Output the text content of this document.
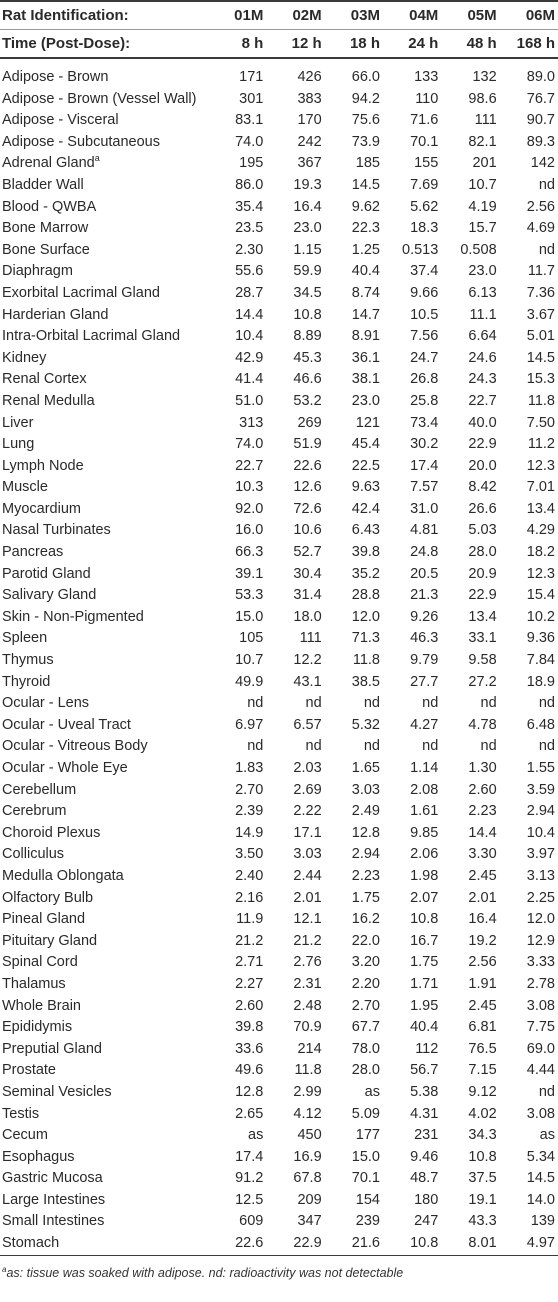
Rat Identification:	01M	02M	03M	04M	05M	06M
Time (Post-Dose):	8 h	12 h	18 h	24 h	48 h	168 h

Adipose - Brown	171	426	66.0	133	132	89.0
Adipose - Brown (Vessel Wall)	301	383	94.2	110	98.6	76.7
Adipose - Visceral	83.1	170	75.6	71.6	111	90.7
Adipose - Subcutaneous	74.0	242	73.9	70.1	82.1	89.3
Adrenal Gland$^a$	195	367	185	155	201	142
Bladder Wall	86.0	19.3	14.5	7.69	10.7	nd
Blood - QWBA	35.4	16.4	9.62	5.62	4.19	2.56
Bone Marrow	23.5	23.0	22.3	18.3	15.7	4.69
Bone Surface	2.30	1.15	1.25	0.513	0.508	nd
Diaphragm	55.6	59.9	40.4	37.4	23.0	11.7
Exorbital Lacrimal Gland	28.7	34.5	8.74	9.66	6.13	7.36
Harderian Gland	14.4	10.8	14.7	10.5	11.1	3.67
Intra-Orbital Lacrimal Gland	10.4	8.89	8.91	7.56	6.64	5.01
Kidney	42.9	45.3	36.1	24.7	24.6	14.5
Renal Cortex	41.4	46.6	38.1	26.8	24.3	15.3
Renal Medulla	51.0	53.2	23.0	25.8	22.7	11.8
Liver	313	269	121	73.4	40.0	7.50
Lung	74.0	51.9	45.4	30.2	22.9	11.2
Lymph Node	22.7	22.6	22.5	17.4	20.0	12.3
Muscle	10.3	12.6	9.63	7.57	8.42	7.01
Myocardium	92.0	72.6	42.4	31.0	26.6	13.4
Nasal Turbinates	16.0	10.6	6.43	4.81	5.03	4.29
Pancreas	66.3	52.7	39.8	24.8	28.0	18.2
Parotid Gland	39.1	30.4	35.2	20.5	20.9	12.3
Salivary Gland	53.3	31.4	28.8	21.3	22.9	15.4
Skin - Non-Pigmented	15.0	18.0	12.0	9.26	13.4	10.2
Spleen	105	111	71.3	46.3	33.1	9.36
Thymus	10.7	12.2	11.8	9.79	9.58	7.84
Thyroid	49.9	43.1	38.5	27.7	27.2	18.9
Ocular - Lens	nd	nd	nd	nd	nd	nd
Ocular - Uveal Tract	6.97	6.57	5.32	4.27	4.78	6.48
Ocular - Vitreous Body	nd	nd	nd	nd	nd	nd
Ocular - Whole Eye	1.83	2.03	1.65	1.14	1.30	1.55
Cerebellum	2.70	2.69	3.03	2.08	2.60	3.59
Cerebrum	2.39	2.22	2.49	1.61	2.23	2.94
Choroid Plexus	14.9	17.1	12.8	9.85	14.4	10.4
Colliculus	3.50	3.03	2.94	2.06	3.30	3.97
Medulla Oblongata	2.40	2.44	2.23	1.98	2.45	3.13
Olfactory Bulb	2.16	2.01	1.75	2.07	2.01	2.25
Pineal Gland	11.9	12.1	16.2	10.8	16.4	12.0
Pituitary Gland	21.2	21.2	22.0	16.7	19.2	12.9
Spinal Cord	2.71	2.76	3.20	1.75	2.56	3.33
Thalamus	2.27	2.31	2.20	1.71	1.91	2.78
Whole Brain	2.60	2.48	2.70	1.95	2.45	3.08
Epididymis	39.8	70.9	67.7	40.4	6.81	7.75
Preputial Gland	33.6	214	78.0	112	76.5	69.0
Prostate	49.6	11.8	28.0	56.7	7.15	4.44
Seminal Vesicles	12.8	2.99	as	5.38	9.12	nd
Testis	2.65	4.12	5.09	4.31	4.02	3.08
Cecum	as	450	177	231	34.3	as
Esophagus	17.4	16.9	15.0	9.46	10.8	5.34
Gastric Mucosa	91.2	67.8	70.1	48.7	37.5	14.5
Large Intestines	12.5	209	154	180	19.1	14.0
Small Intestines	609	347	239	247	43.3	139
Stomach	22.6	22.9	21.6	10.8	8.01	4.97
$^a$as: tissue was soaked with adipose. nd: radioactivity was not detectable
